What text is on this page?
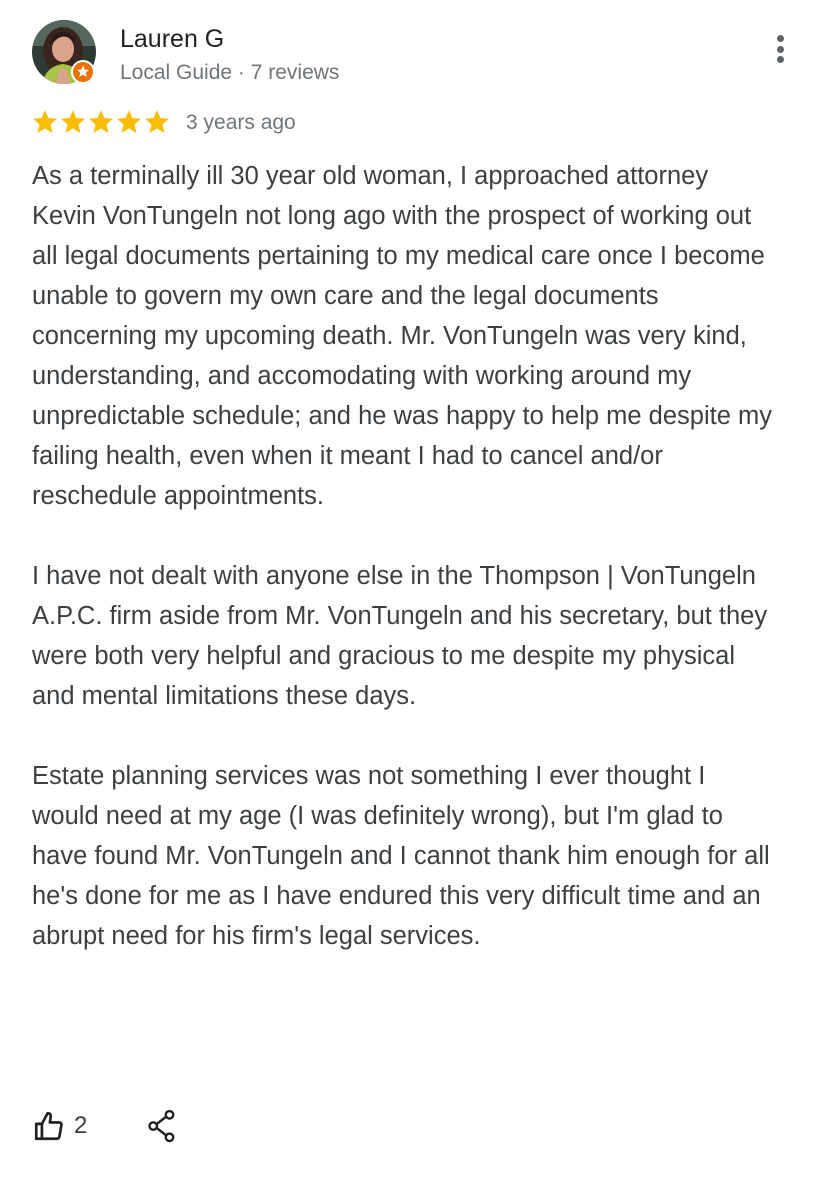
Lauren G
Local Guide · 7 reviews
3 years ago

As a terminally ill 30 year old woman, I approached attorney Kevin VonTungeln not long ago with the prospect of working out all legal documents pertaining to my medical care once I become unable to govern my own care and the legal documents concerning my upcoming death. Mr. VonTungeln was very kind, understanding, and accomodating with working around my unpredictable schedule; and he was happy to help me despite my failing health, even when it meant I had to cancel and/or reschedule appointments.

I have not dealt with anyone else in the Thompson | VonTungeln A.P.C. firm aside from Mr. VonTungeln and his secretary, but they were both very helpful and gracious to me despite my physical and mental limitations these days.

Estate planning services was not something I ever thought I would need at my age (I was definitely wrong), but I'm glad to have found Mr. VonTungeln and I cannot thank him enough for all he's done for me as I have endured this very difficult time and an abrupt need for his firm's legal services.

2
